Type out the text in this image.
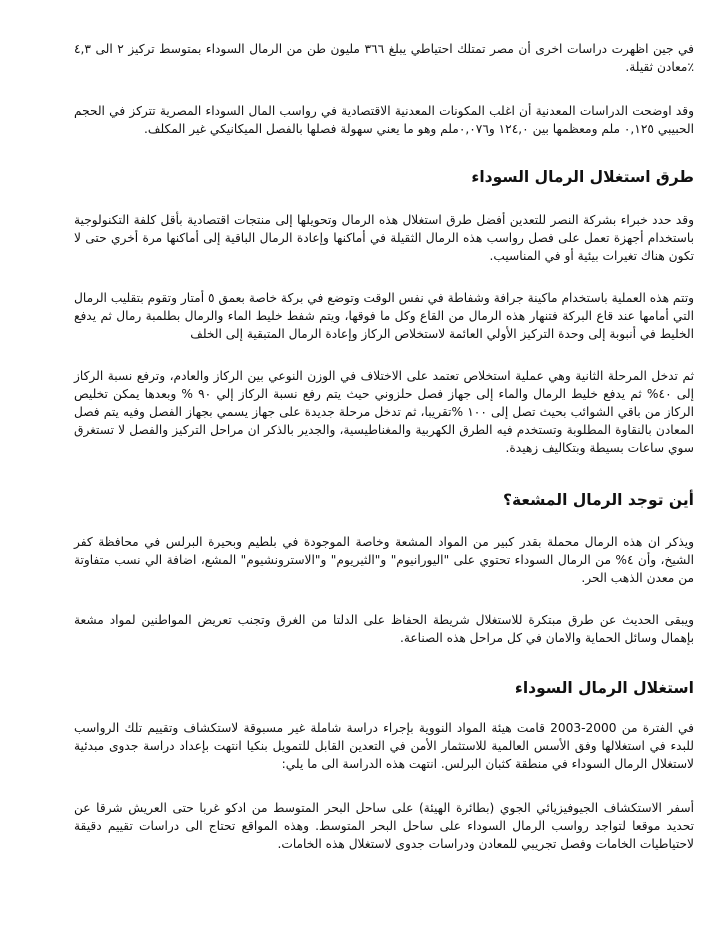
في جين اظهرت دراسات اخرى أن مصر تمتلك احتياطي يبلغ ٣٦٦ مليون طن من الرمال السوداء بمتوسط تركيز ٢ الى ٤,٣ ٪معادن ثقيلة.

وقد اوضحت الدراسات المعدنية أن اغلب المكونات المعدنية الاقتصادية في رواسب المال السوداء المصرية تتركز في الحجم الحبيبي ٠,١٢٥ ملم ومعظمها بين ١٢٤,٠ و٠,٠٧٦ملم وهو ما يعني سهولة فصلها بالفصل الميكانيكي غير المكلف.

طرق استغلال الرمال السوداء

وقد حدد خبراء بشركة النصر للتعدين أفضل طرق استغلال هذه الرمال وتحويلها إلى منتجات اقتصادية بأقل كلفة التكنولوجية باستخدام أجهزة تعمل على فصل رواسب هذه الرمال الثقيلة في أماكنها وإعادة الرمال الباقية إلى أماكنها مرة أخري حتى لا تكون هناك تغيرات بيئية أو في المناسيب.

وتتم هذه العملية باستخدام ماكينة جرافة وشفاطة في نفس الوقت وتوضع في بركة خاصة بعمق ٥ أمتار وتقوم بتقليب الرمال التي أمامها عند قاع البركة فتنهار هذه الرمال من القاع وكل ما فوقها، ويتم شفط خليط الماء والرمال بطلمبة رمال ثم يدفع الخليط في أنبوبة إلى وحدة التركيز الأولي العائمة لاستخلاص الركاز وإعادة الرمال المتبقية إلى الخلف

ثم تدخل المرحلة الثانية وهي عملية استخلاص تعتمد على الاختلاف في الوزن النوعي بين الركاز والعادم، وترفع نسبة الركاز إلى ٤٠% ثم يدفع خليط الرمال والماء إلى جهاز فصل حلزوني حيث يتم رفع نسبة الركاز إلي ٩٠ % وبعدها يمكن تخليص الركاز من باقي الشوائب بحيث تصل إلى ١٠٠ %تقريبا، ثم تدخل مرحلة جديدة على جهاز يسمي بجهاز الفصل وفيه يتم فصل المعادن بالنقاوة المطلوبة وتستخدم فيه الطرق الكهربية والمغناطيسية، والجدير بالذكر ان مراحل التركيز والفصل لا تستغرق سوي ساعات بسيطة وبتكاليف زهيدة.

أين توجد الرمال المشعة؟

ويذكر ان هذه الرمال محملة بقدر كبير من المواد المشعة وخاصة الموجودة في بلطيم وبحيرة البرلس في محافظة كفر الشيخ، وأن ٤% من الرمال السوداء تحتوي على "اليورانيوم" و"الثيريوم" و"الاسترونشيوم" المشع، اضافة الي نسب متفاوتة من معدن الذهب الحر.

ويبقى الحديث عن طرق مبتكرة للاستغلال شريطة الحفاظ على الدلتا من الغرق وتجنب تعريض المواطنين لمواد مشعة بإهمال وسائل الحماية والامان في كل مراحل هذه الصناعة.

استغلال الرمال السوداء

في الفترة من 2000-2003 قامت هيئة المواد النووية بإجراء دراسة شاملة غير مسبوقة لاستكشاف وتقييم تلك الرواسب للبدء في استغلالها وفق الأسس العالمية للاستثمار الأمن في التعدين القابل للتمويل بنكيا انتهت بإعداد دراسة جدوى مبدئية لاستغلال الرمال السوداء في منطقة كثبان البرلس. انتهت هذه الدراسة الى ما يلي:

أسفر الاستكشاف الجيوفيزيائي الجوي (بطائرة الهيئة) على ساحل البحر المتوسط من ادكو غربا حتى العريش شرقا عن تحديد موقعا لتواجد رواسب الرمال السوداء على ساحل البحر المتوسط. وهذه المواقع تحتاج الى دراسات تقييم دقيقة لاحتياطيات الخامات وفصل تجريبي للمعادن ودراسات جدوى لاستغلال هذه الخامات.
